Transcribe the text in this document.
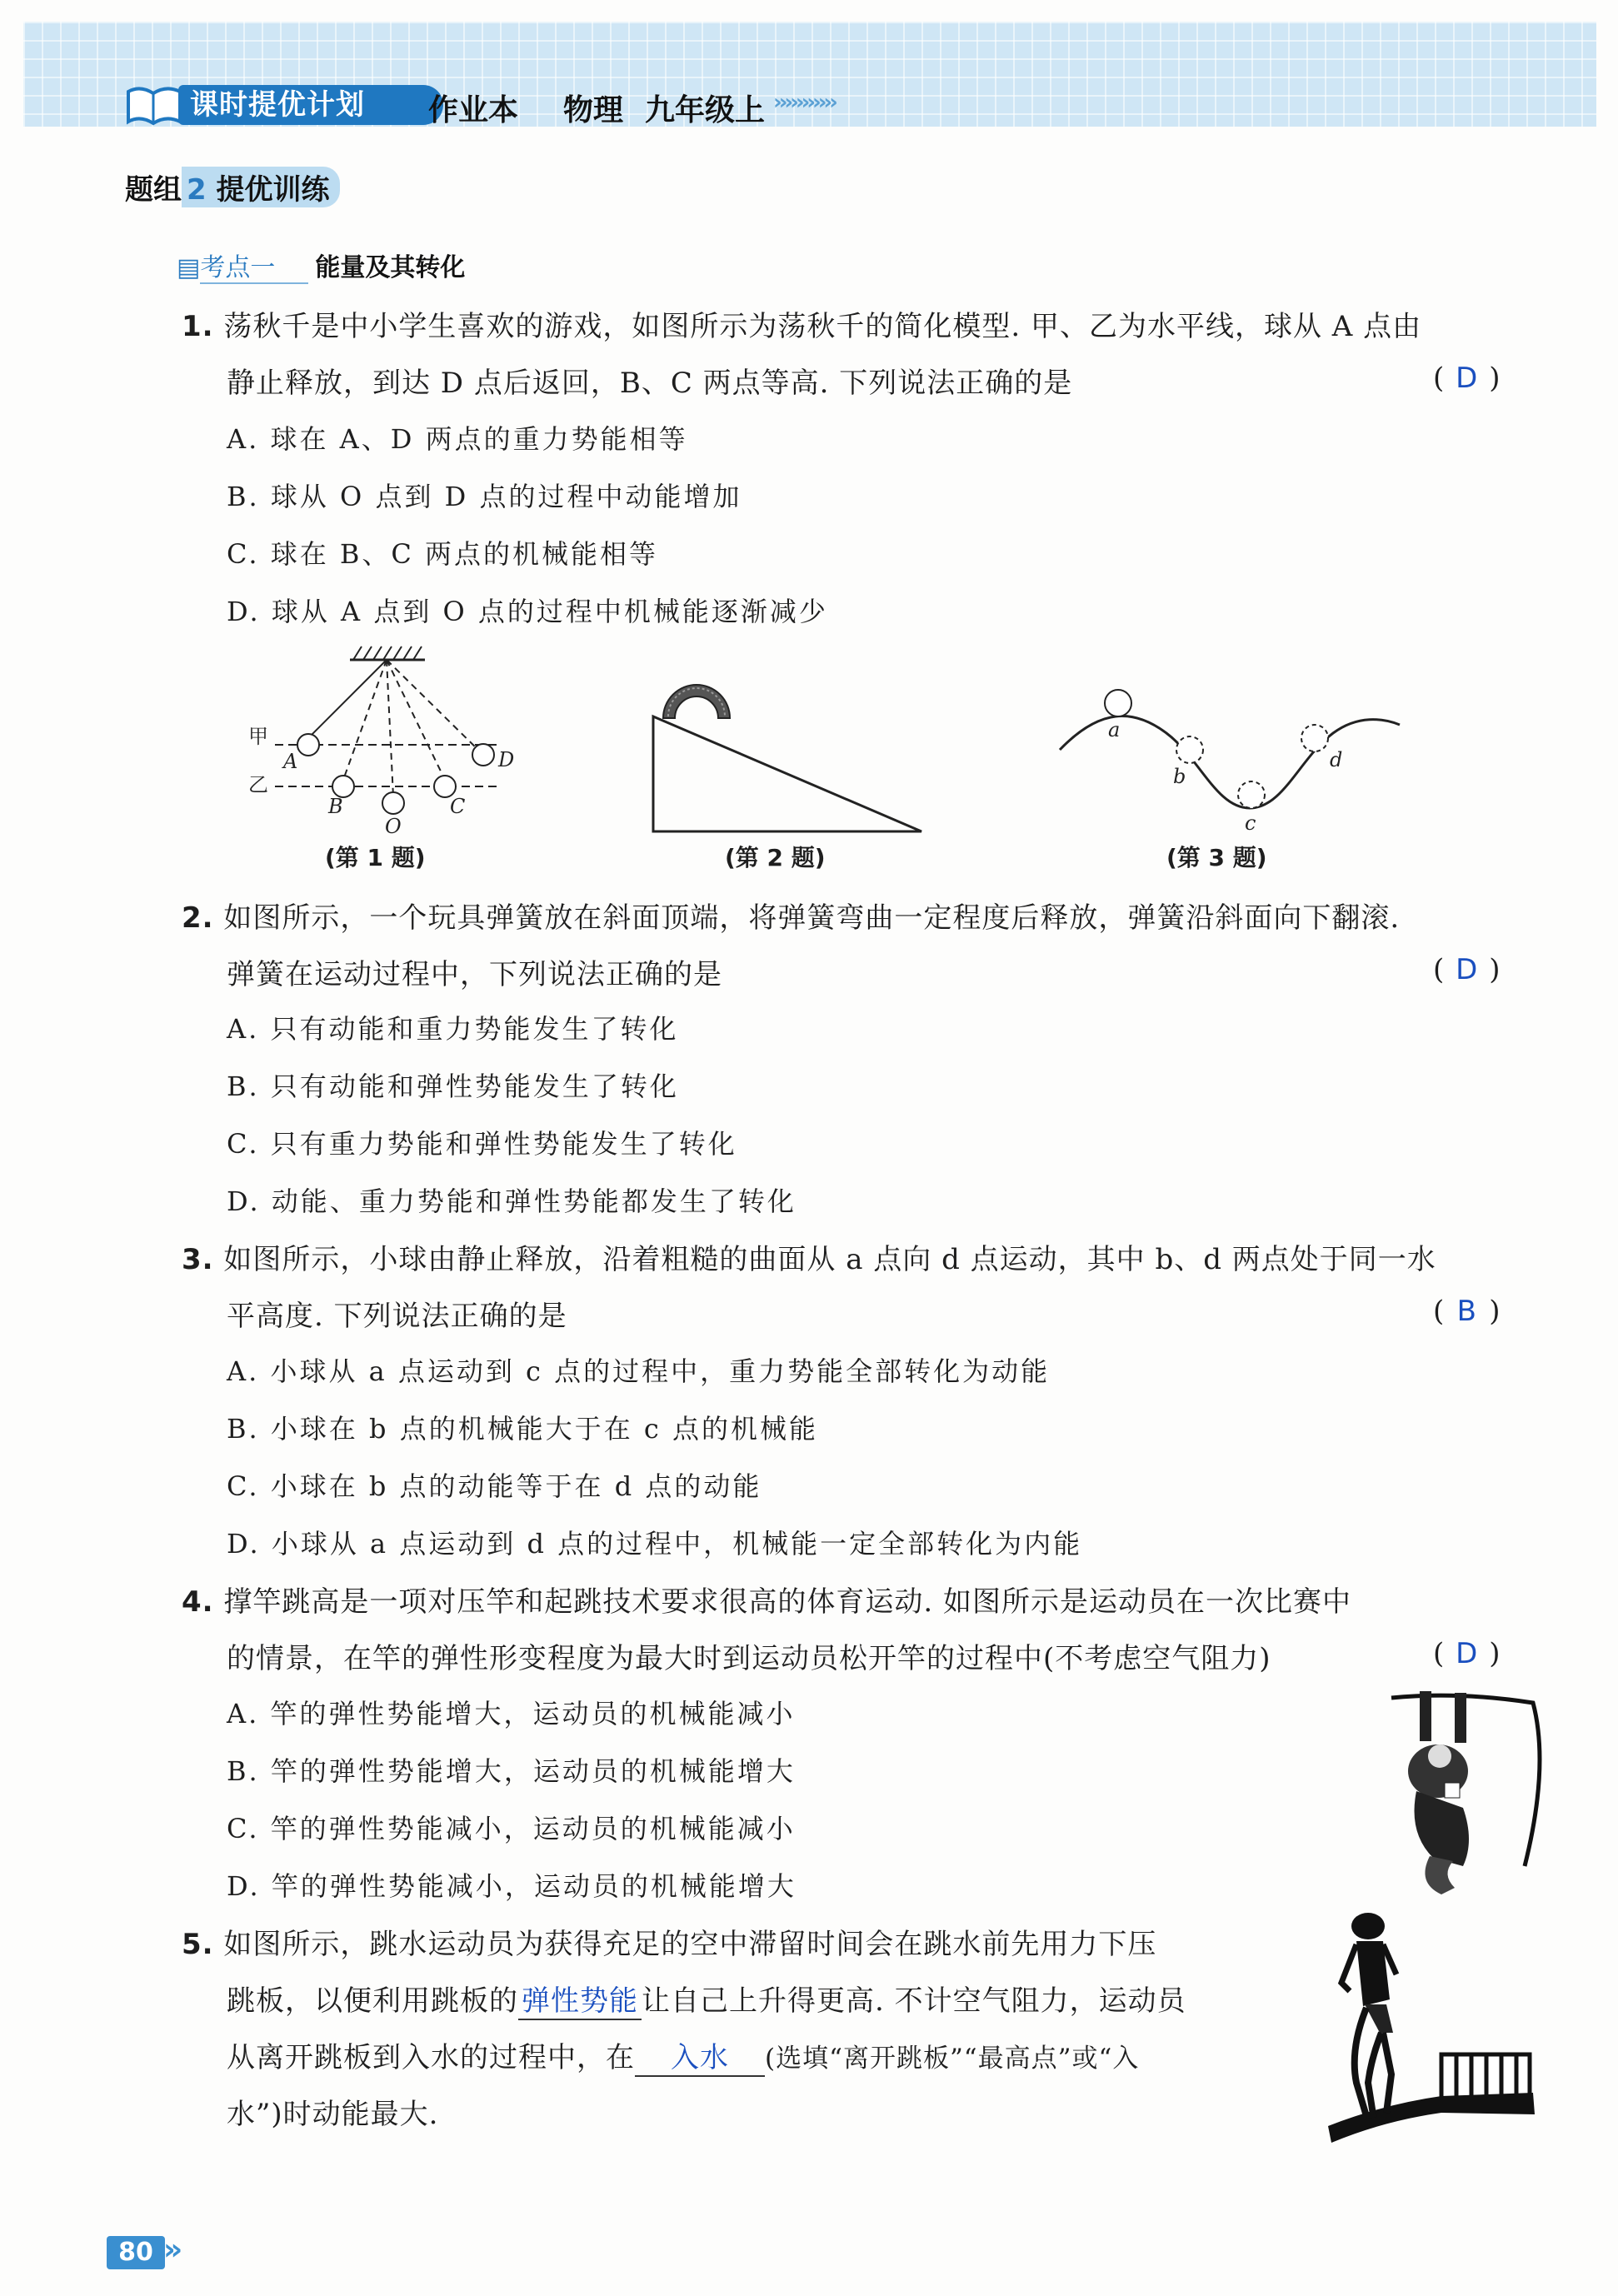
课时提优计划	作业本 物理 九年级上 ›››››››››››
题组 2 提优训练
▤考点一 能量及其转化
1. 荡秋千是中小学生喜欢的游戏，如图所示为荡秋千的简化模型. 甲、乙为水平线，球从 A 点由
静止释放，到达 D 点后返回，B、C 两点等高. 下列说法正确的是	( D )
A. 球在 A、D 两点的重力势能相等
B. 球从 O 点到 D 点的过程中动能增加
C. 球在 B、C 两点的机械能相等
D. 球从 A 点到 O 点的过程中机械能逐渐减少
甲
乙
A
B
O
C
D
(第 1 题)	(第 2 题)
a
b
c
d
(第 3 题)
2. 如图所示，一个玩具弹簧放在斜面顶端，将弹簧弯曲一定程度后释放，弹簧沿斜面向下翻滚.
弹簧在运动过程中，下列说法正确的是	( D )
A. 只有动能和重力势能发生了转化
B. 只有动能和弹性势能发生了转化
C. 只有重力势能和弹性势能发生了转化
D. 动能、重力势能和弹性势能都发生了转化
3. 如图所示，小球由静止释放，沿着粗糙的曲面从 a 点向 d 点运动，其中 b、d 两点处于同一水
平高度. 下列说法正确的是	( B )
A. 小球从 a 点运动到 c 点的过程中，重力势能全部转化为动能
B. 小球在 b 点的机械能大于在 c 点的机械能
C. 小球在 b 点的动能等于在 d 点的动能
D. 小球从 a 点运动到 d 点的过程中，机械能一定全部转化为内能
4. 撑竿跳高是一项对压竿和起跳技术要求很高的体育运动. 如图所示是运动员在一次比赛中
的情景，在竿的弹性形变程度为最大时到运动员松开竿的过程中(不考虑空气阻力)	( D )
A. 竿的弹性势能增大，运动员的机械能减小
B. 竿的弹性势能增大，运动员的机械能增大
C. 竿的弹性势能减小，运动员的机械能减小
D. 竿的弹性势能减小，运动员的机械能增大
5. 如图所示，跳水运动员为获得充足的空中滞留时间会在跳水前先用力下压
跳板，以便利用跳板的 弹性势能 让自己上升得更高. 不计空气阻力，运动员
从离开跳板到入水的过程中，在 入水 (选填“离开跳板”“最高点”或“入
水”)时动能最大.
80 »
